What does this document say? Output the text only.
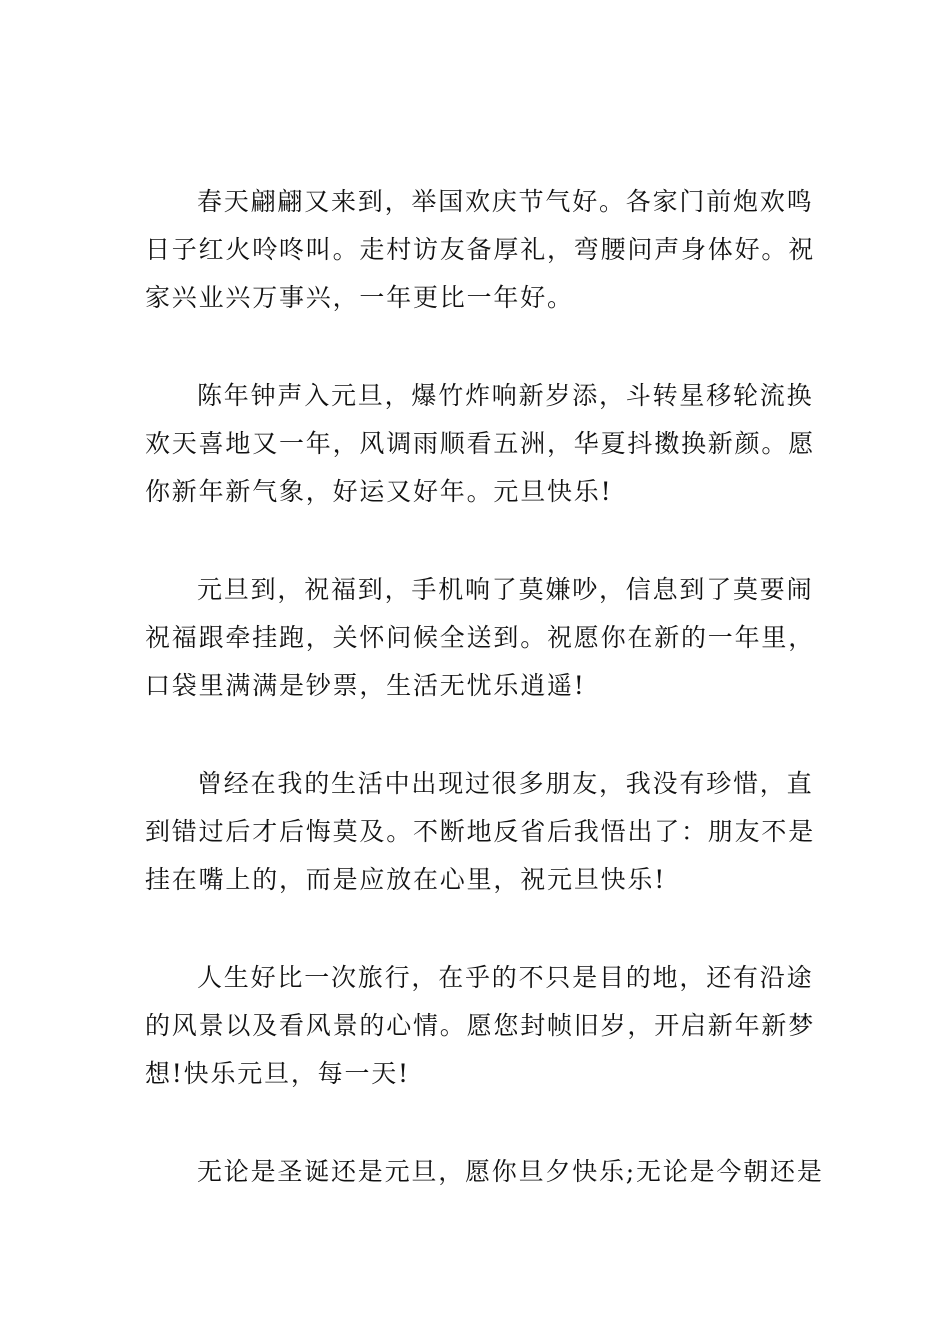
春天翩翩又来到，举国欢庆节气好。各家门前炮欢鸣
日子红火呤咚叫。走村访友备厚礼，弯腰问声身体好。祝
家兴业兴万事兴，一年更比一年好。

陈年钟声入元旦，爆竹炸响新岁添，斗转星移轮流换
欢天喜地又一年，风调雨顺看五洲，华夏抖擞换新颜。愿
你新年新气象，好运又好年。元旦快乐!

元旦到，祝福到，手机响了莫嫌吵，信息到了莫要闹
祝福跟牵挂跑，关怀问候全送到。祝愿你在新的一年里，
口袋里满满是钞票，生活无忧乐逍遥!

曾经在我的生活中出现过很多朋友，我没有珍惜，直
到错过后才后悔莫及。不断地反省后我悟出了：朋友不是
挂在嘴上的，而是应放在心里，祝元旦快乐!

人生好比一次旅行，在乎的不只是目的地，还有沿途
的风景以及看风景的心情。愿您封帧旧岁，开启新年新梦
想!快乐元旦，每一天!

无论是圣诞还是元旦，愿你旦夕快乐;无论是今朝还是
